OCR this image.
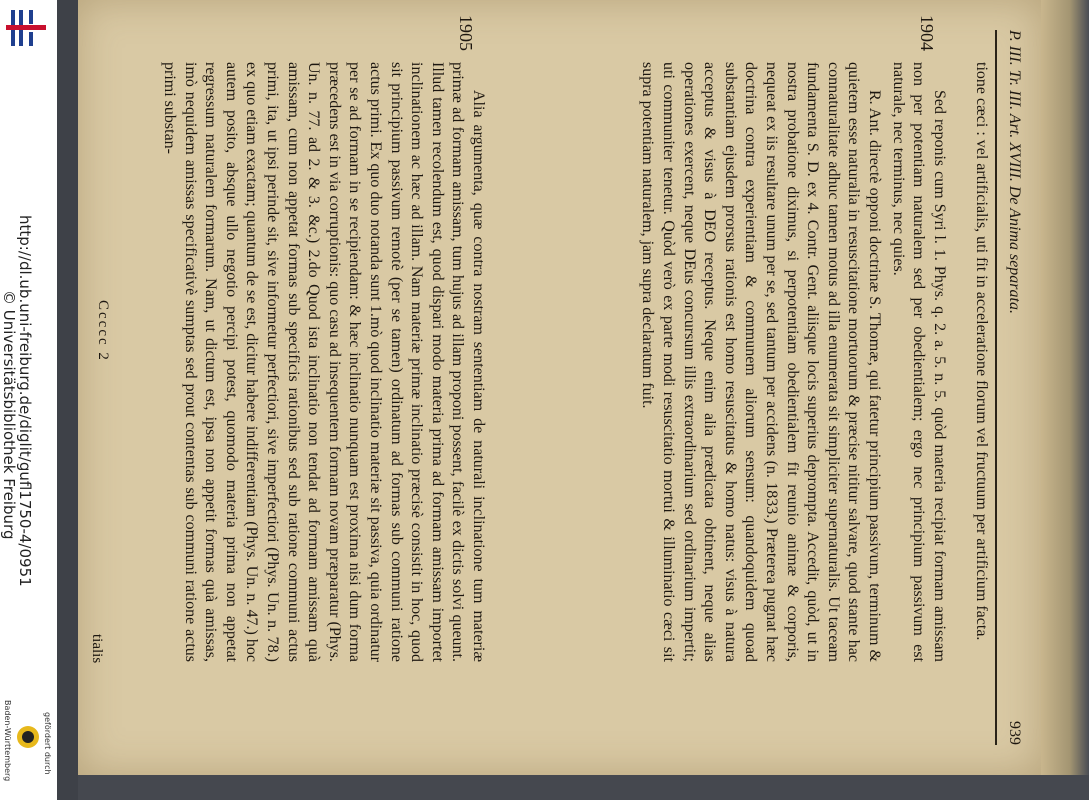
http://dl.ub.uni-freiburg.de/diglit/gufl1750-4/0951
© Universitätsbibliothek Freiburg
gefördert durch
Baden-Württemberg
P. III. Tr. III. Art. XVIII. De Anima separata.
939
tione cæci : vel artificialis, uti fit in acceleratione florum vel fructuum per artificium facta.
Sed reponis cum Syri l. 1. Phys. q. 2. a. 5. n. 5. quòd materia recipiat formam amissam non per potentiam naturalem sed per obedientialem; ergo nec principium passivum est naturale, nec terminus, nec quies.
1904
R. Ant. directè opponi doctrinæ S. Thomæ, qui fatetur principium passivum, terminum & quietem esse naturalia in resuscitatione mortuorum & præcise nititur salvare, quod stante hac connaturalitate adhuc tamen motus ad illa enumerata sit simpliciter supernaturalis. Ut taceam fundamenta S. D. ex 4. Contr. Gent. aliisque locis superius deprompta. Accedit, quòd, ut in nostra probatione diximus, si perpotentiam obedientialem fit reunio animæ & corporis, nequeat ex iis resultare unum per se, sed tantum per accidens (n. 1833.) Præterea pugnat hæc doctrina contra experientiam & communem aliorum sensum: quandoquidem quoad substantiam ejusdem prorsus rationis est homo resuscitatus & homo natus: visus à natura acceptus & visus à DEO receptus. Neque enim alia prædicata obtinent, neque alias operationes exercent, neque DEus concursum illis extraordinarium sed ordinarium impertit; uti communiter tenetur. Quòd verò ex parte modi resuscitatio mortui & illuminatio cæci sit supra potentiam naturalem, jam supra declaratum fuit.
Alia argumenta, quæ contra nostram sententiam de naturali inclinatione tum materiæ primæ ad formam amissam, tum hujus ad illam proponi possent, facilè ex dictis solvi queunt. Illud tamen recolendum est, quod dispari modo materia prima ad formam amissam importet inclinationem ac hæc ad illam. Nam materiæ primæ inclinatio præcisè consistit in hoc, quod sit principium passivum remotè (per se tamen) ordinatum ad formas sub communi ratione actus primi. Ex quo duo notanda sunt 1.mò quod inclinatio materiæ sit passiva, quia ordinatur per se ad formam in se recipiendam: & hæc inclinatio nunquam est proxima nisi dum forma præcedens est in via corruptionis: quo casu ad insequentem formam novam præparatur (Phys. Un. n. 77. ad 2. & 3. &c.) 2.do Quod ista inclinatio non tendat ad formam amissam quà amissam, cum non appetat formas sub specificis rationibus sed sub ratione communi actus primi, ita, ut ipsi perinde sit, sive informetur perfectiori, sive imperfectiori (Phys. Un. n. 78.) ex quo etiam exactam; quantum de se est, dicitur habere indifferentiam (Phys. Un. n. 47.) hoc autem posito, absque ullo negotio percipi potest, quomodo materia prima non appetat regressum naturalem formarum. Nam, ut dictum est, ipsa non appetit formas quà amissas, imò nequidem amissas specificativè sumptas sed prout contentas sub communi ratione actus primi substan-
1905
Ccccc 2
tialis
